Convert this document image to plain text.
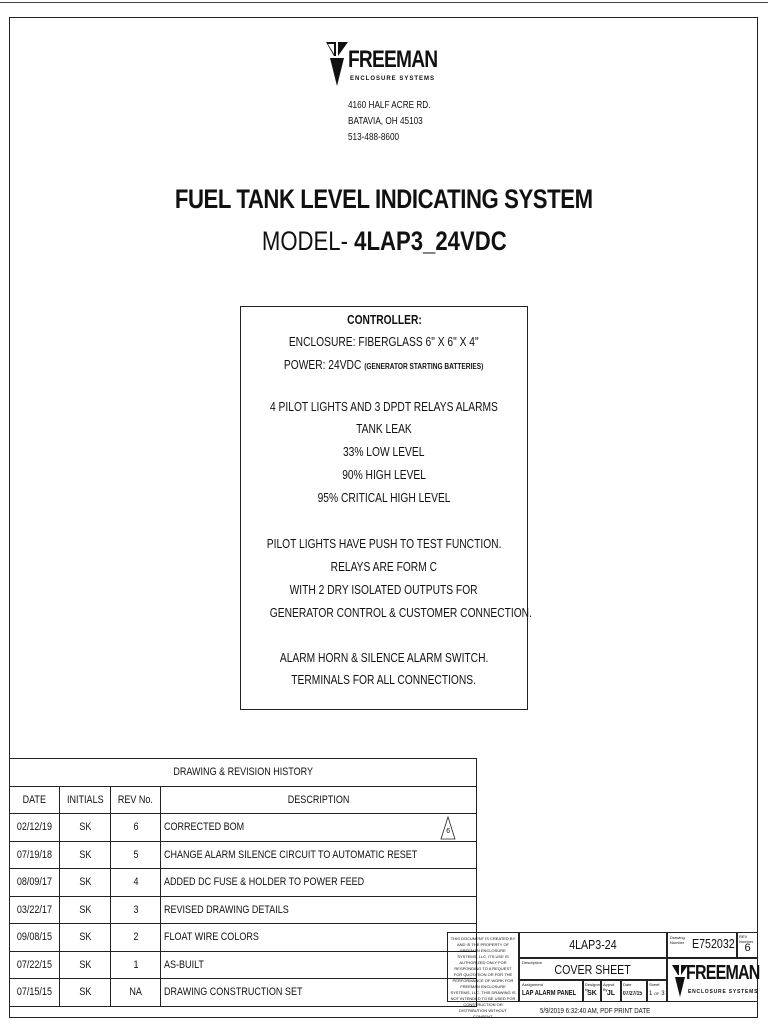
FREEMAN
ENCLOSURE SYSTEMS
4160 HALF ACRE RD.
BATAVIA, OH 45103
513-488-8600
FUEL TANK LEVEL INDICATING SYSTEM
MODEL- 4LAP3_24VDC
CONTROLLER:
ENCLOSURE: FIBERGLASS 6" X 6" X 4"
POWER: 24VDC (GENERATOR STARTING BATTERIES)
4 PILOT LIGHTS AND 3 DPDT RELAYS ALARMS
TANK LEAK
33% LOW LEVEL
90% HIGH LEVEL
95% CRITICAL HIGH LEVEL
PILOT LIGHTS HAVE PUSH TO TEST FUNCTION.
RELAYS ARE FORM C
WITH 2 DRY ISOLATED OUTPUTS FOR
GENERATOR CONTROL & CUSTOMER CONNECTION.
ALARM HORN & SILENCE ALARM SWITCH.
TERMINALS FOR ALL CONNECTIONS.
DRAWING & REVISION HISTORY			
DATE	INITIALS	REV No.	DESCRIPTION
02/12/19	SK	6	CORRECTED BOM 6

07/19/18	SK	5	CHANGE ALARM SILENCE CIRCUIT TO AUTOMATIC RESET
08/09/17	SK	4	ADDED DC FUSE & HOLDER TO POWER FEED
03/22/17	SK	3	REVISED DRAWING DETAILS
09/08/15	SK	2	FLOAT WIRE COLORS
07/22/15	SK	1	AS-BUILT
07/15/15	SK	NA	DRAWING CONSTRUCTION SET
THIS DOCUMENT IS CREATED BY AND IS THE PROPERTY OF FREEMAN ENCLOSURE SYSTEMS, LLC. ITS USE IS AUTHORIZED ONLY FOR RESPONDING TO A REQUEST FOR QUOTATION OR FOR THE PERFORMANCE OF WORK FOR FREEMAN ENCLOSURE SYSTEMS, LLC. THIS DRAWING IS NOT INTENDED TO BE USED FOR CONSTRUCTION OR DISTRIBUTION WITHOUT CONSENT.
4LAP3-24
Description COVER SHEET
Assignment
LAP ALARM PANEL
Designed by
SK
Appvd By
JL
Date
07/27/15
Sheet
1 OF 3
Drawing Number E752032	REV Number
6
FREEMAN
ENCLOSURE SYSTEMS
5/9/2019 6:32:40 AM, PDF PRINT DATE
